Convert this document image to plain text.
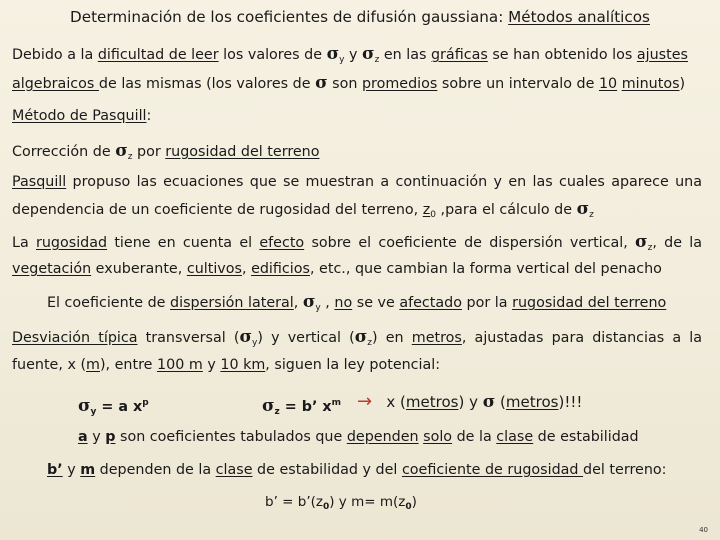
Determinación de los coeficientes de difusión gaussiana: Métodos analíticos
Debido a la dificultad de leer los valores de $\sigma_y$ y $\sigma_z$ en las gráficas se han obtenido los ajustes
algebraicos de las mismas (los valores de σ son promedios sobre un intervalo de 10 minutos)
Método de Pasquill:
Corrección de $\sigma_z$ por rugosidad del terreno
Pasquill propuso las ecuaciones que se muestran a continuación y en las cuales aparece una
dependencia de un coeficiente de rugosidad del terreno, $z_0$ ,para el cálculo de $\sigma_z$
La rugosidad tiene en cuenta el efecto sobre el coeficiente de dispersión vertical, $\sigma_z$, de la
vegetación exuberante, cultivos, edificios, etc., que cambian la forma vertical del penacho
El coeficiente de dispersión lateral, $\sigma_y$ , no se ve afectado por la rugosidad del terreno
Desviación típica transversal $(\sigma_y)$ y vertical $(\sigma_z)$ en metros, ajustadas para distancias a la
fuente, x (m), entre 100 m y 10 km, siguen la ley potencial:
$\sigma_y = a$ $x^p$	$\sigma_z = b$’ $x^m \to x$ (metros) y σ (metros)!!!
a y p son coeficientes tabulados que dependen solo de la clase de estabilidad
b’ y m dependen de la clase de estabilidad y del coeficiente de rugosidad del terreno:
b’ = $b’(z_0)$ y $m= m(z_0)$
40
